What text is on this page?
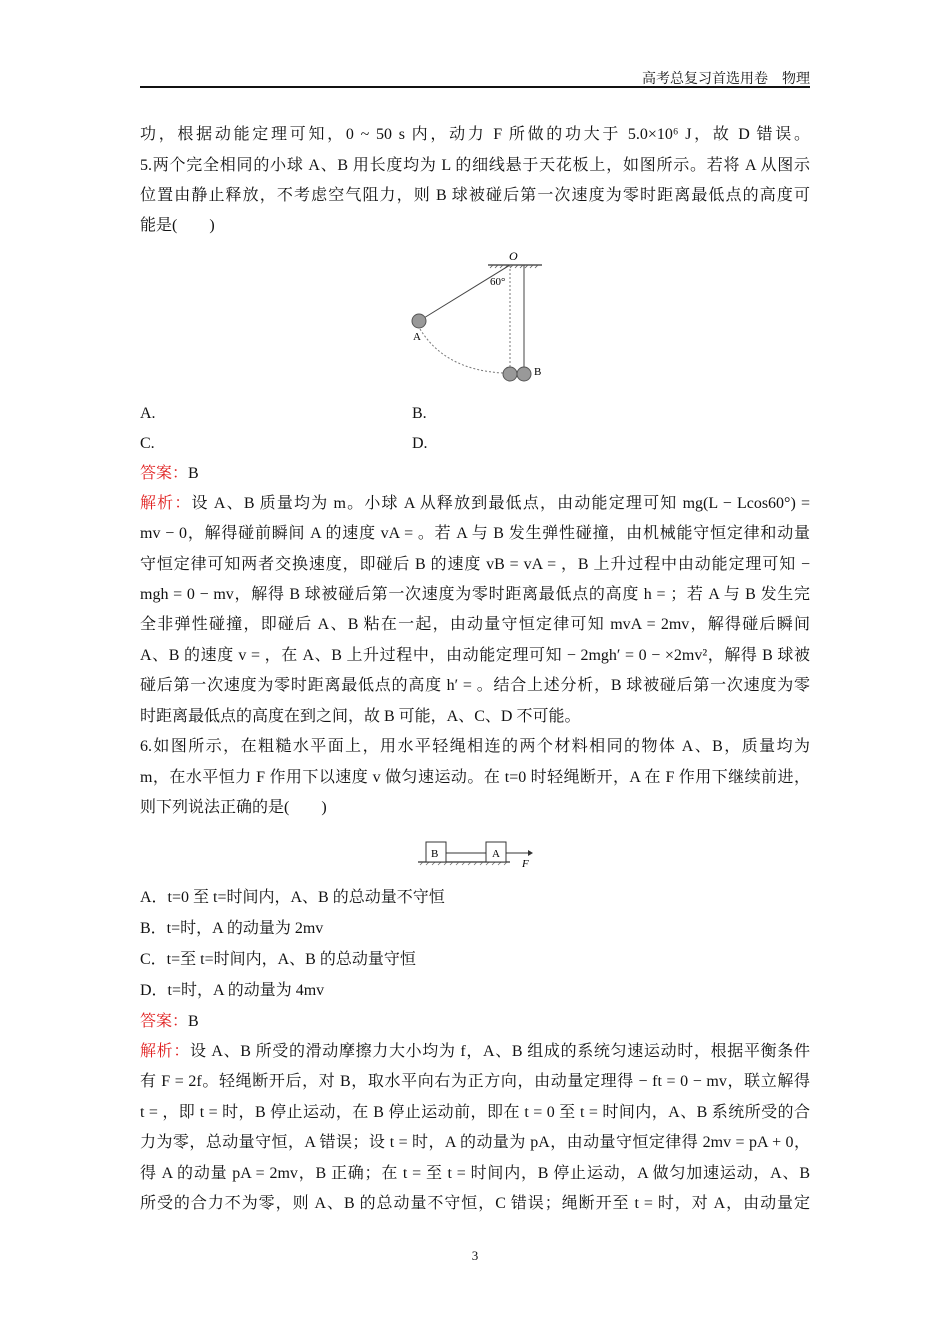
高考总复习首选用卷　物理
功，根据动能定理可知，0 ~ 50 s 内，动力 F 所做的功大于 5.0×10⁶ J，故 D 错误。
5.两个完全相同的小球 A、B 用长度均为 L 的细线悬于天花板上，如图所示。若将 A 从图示
位置由静止释放，不考虑空气阻力，则 B 球被碰后第一次速度为零时距离最低点的高度可
能是(　　)
O
60°
A
B
A.	B.
C.	D.
答案：B
解析：设 A、B 质量均为 m。小球 A 从释放到最低点，由动能定理可知 mg(L − Lcos60°) =
mv − 0，解得碰前瞬间 A 的速度 vA = 。若 A 与 B 发生弹性碰撞，由机械能守恒定律和动量
守恒定律可知两者交换速度，即碰后 B 的速度 vB = vA = ，B 上升过程中由动能定理可知 −
mgh = 0 − mv，解得 B 球被碰后第一次速度为零时距离最低点的高度 h = ；若 A 与 B 发生完
全非弹性碰撞，即碰后 A、B 粘在一起，由动量守恒定律可知 mvA = 2mv，解得碰后瞬间
A、B 的速度 v = ，在 A、B 上升过程中，由动能定理可知 − 2mgh′ = 0 − ×2mv²，解得 B 球被
碰后第一次速度为零时距离最低点的高度 h′ = 。结合上述分析，B 球被碰后第一次速度为零
时距离最低点的高度在到之间，故 B 可能，A、C、D 不可能。
6.如图所示，在粗糙水平面上，用水平轻绳相连的两个材料相同的物体 A、B，质量均为
m，在水平恒力 F 作用下以速度 v 做匀速运动。在 t=0 时轻绳断开，A 在 F 作用下继续前进，
则下列说法正确的是(　　)
B	A
F
A．t=0 至 t=时间内，A、B 的总动量不守恒
B．t=时，A 的动量为 2mv
C．t=至 t=时间内，A、B 的总动量守恒
D．t=时，A 的动量为 4mv
答案：B
解析：设 A、B 所受的滑动摩擦力大小均为 f，A、B 组成的系统匀速运动时，根据平衡条件
有 F = 2f。轻绳断开后，对 B，取水平向右为正方向，由动量定理得 − ft = 0 − mv，联立解得
t = ，即 t = 时，B 停止运动，在 B 停止运动前，即在 t = 0 至 t = 时间内，A、B 系统所受的合
力为零，总动量守恒，A 错误；设 t = 时，A 的动量为 pA，由动量守恒定律得 2mv = pA + 0，
得 A 的动量 pA = 2mv，B 正确；在 t = 至 t = 时间内，B 停止运动，A 做匀加速运动，A、B
所受的合力不为零，则 A、B 的总动量不守恒，C 错误；绳断开至 t = 时，对 A，由动量定
3
